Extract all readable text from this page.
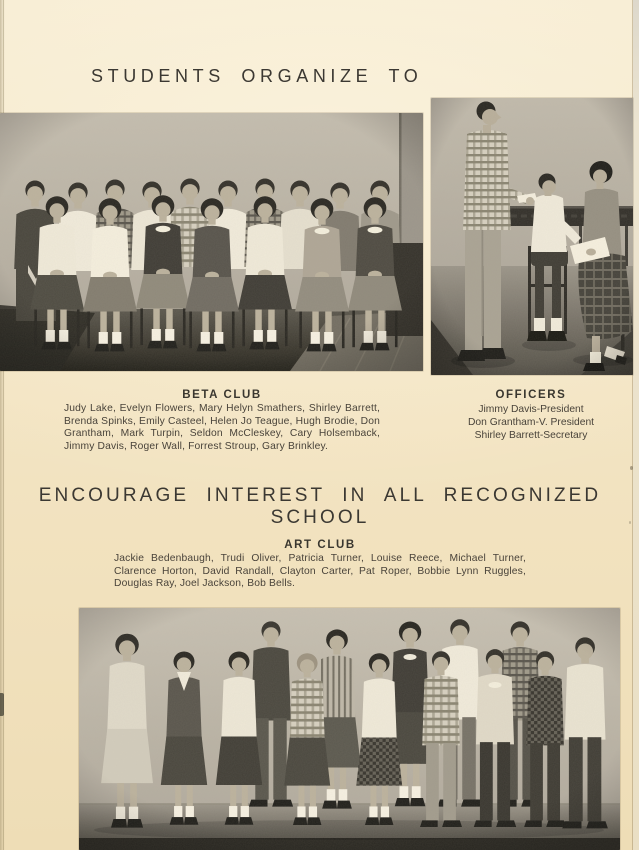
STUDENTS ORGANIZE TO
ENCOURAGE INTEREST IN ALL RECOGNIZED SCHOOL
BETA CLUB

Judy Lake, Evelyn Flowers, Mary Helyn Smathers, Shirley Barrett, Brenda Spinks, Emily Casteel, Helen Jo Teague, Hugh Brodie, Don Grantham, Mark Turpin, Seldon McCleskey, Cary Holsemback, Jimmy Davis, Roger Wall, Forrest Stroup, Gary Brinkley.

OFFICERS
Jimmy Davis-President
Don Grantham-V. President
Shirley Barrett-Secretary
ART CLUB

Jackie Bedenbaugh, Trudi Oliver, Patricia Turner, Louise Reece, Michael Turner, Clarence Horton, David Randall, Clayton Carter, Pat Roper, Bobbie Lynn Ruggles, Douglas Ray, Joel Jackson, Bob Bells.
